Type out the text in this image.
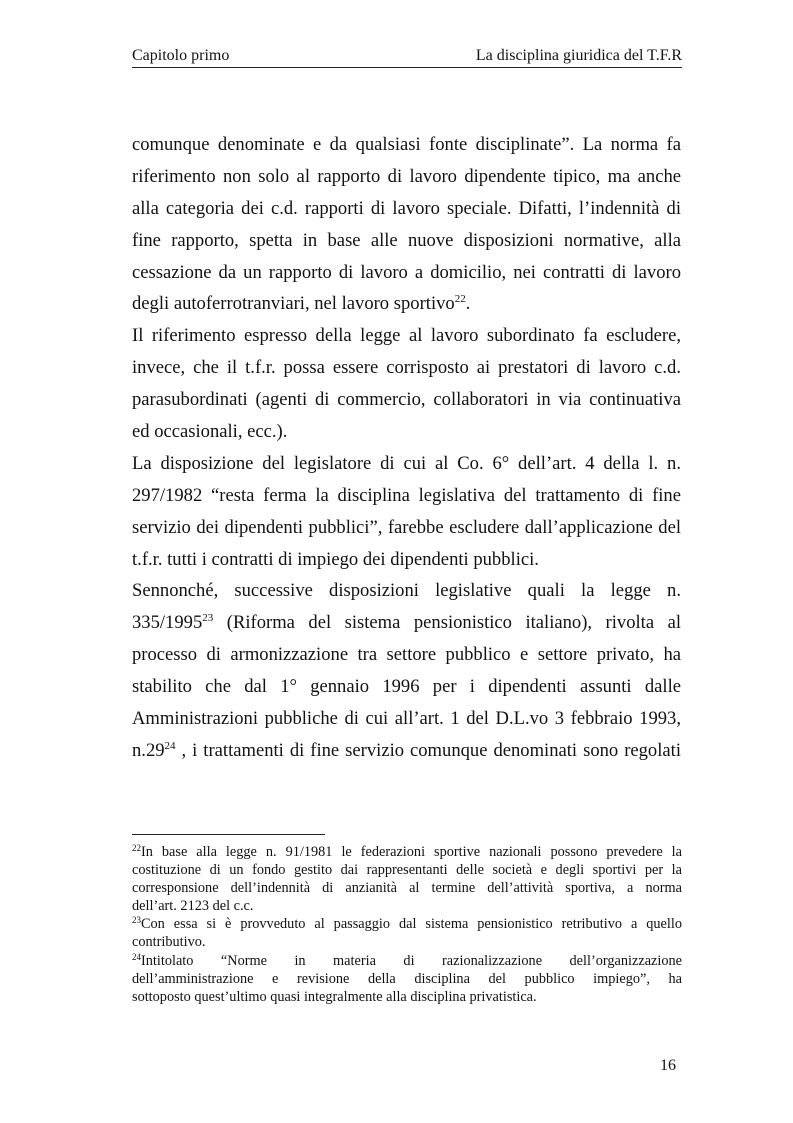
Capitolo primo	La disciplina giuridica del T.F.R
comunque denominate e da qualsiasi fonte disciplinate”. La norma fa
riferimento non solo al rapporto di lavoro dipendente tipico, ma anche
alla categoria dei c.d. rapporti di lavoro speciale. Difatti, l’indennità di
fine rapporto, spetta in base alle nuove disposizioni normative, alla
cessazione da un rapporto di lavoro a domicilio, nei contratti di lavoro
degli autoferrotranviari, nel lavoro sportivo$^{22}$.
Il riferimento espresso della legge al lavoro subordinato fa escludere,
invece, che il t.f.r. possa essere corrisposto ai prestatori di lavoro c.d.
parasubordinati (agenti di commercio, collaboratori in via continuativa
ed occasionali, ecc.).
La disposizione del legislatore di cui al Co. 6° dell’art. 4 della l. n.
297/1982 “resta ferma la disciplina legislativa del trattamento di fine
servizio dei dipendenti pubblici”, farebbe escludere dall’applicazione del
t.f.r. tutti i contratti di impiego dei dipendenti pubblici.
Sennonché, successive disposizioni legislative quali la legge n.
335/1995$^{23}$ (Riforma del sistema pensionistico italiano), rivolta al
processo di armonizzazione tra settore pubblico e settore privato, ha
stabilito che dal 1° gennaio 1996 per i dipendenti assunti dalle
Amministrazioni pubbliche di cui all’art. 1 del D.L.vo 3 febbraio 1993,
$n.29^{24}$ , i trattamenti di fine servizio comunque denominati sono regolati
$^{22}$In base alla legge n. 91/1981 le federazioni sportive nazionali possono prevedere la
costituzione di un fondo gestito dai rappresentanti delle società e degli sportivi per la
corresponsione dell’indennità di anzianità al termine dell’attività sportiva, a norma
dell’art. 2123 del c.c.
$^{23}$Con essa si è provveduto al passaggio dal sistema pensionistico retributivo a quello
contributivo.
$^{24}$Intitolato “Norme in materia di razionalizzazione dell’organizzazione
dell’amministrazione e revisione della disciplina del pubblico impiego”, ha
sottoposto quest’ultimo quasi integralmente alla disciplina privatistica.
16
